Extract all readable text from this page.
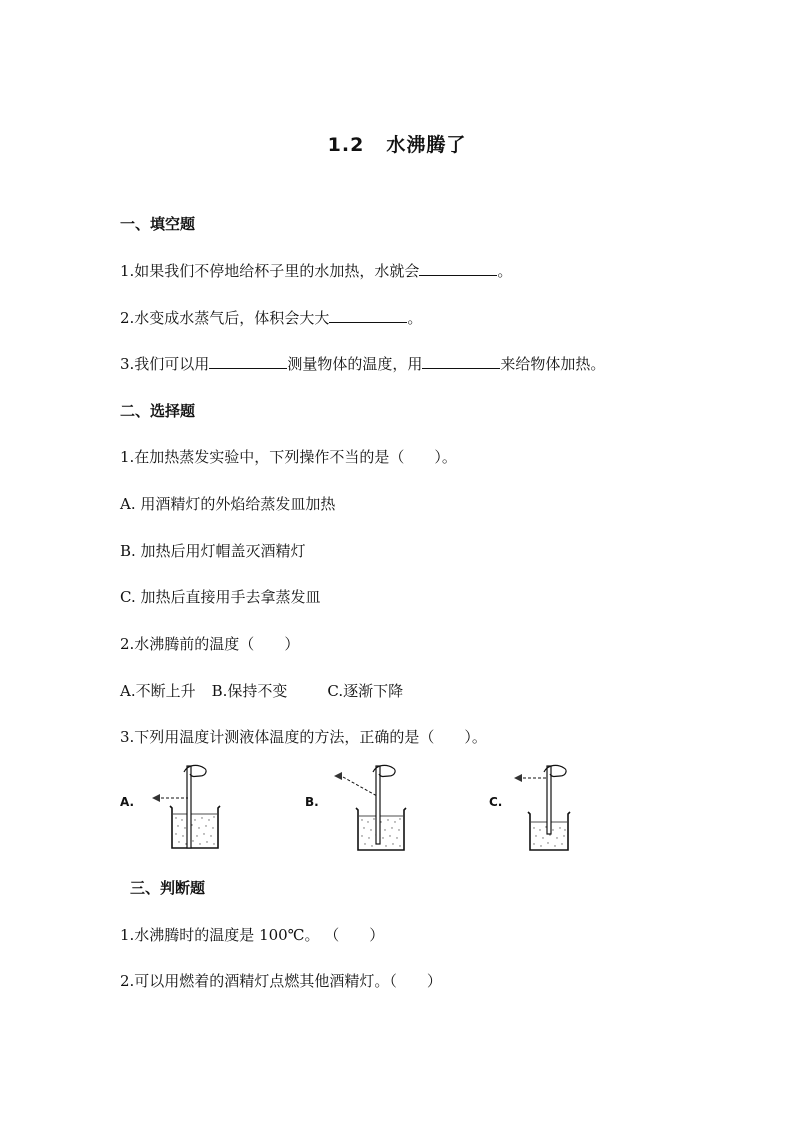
1.2 水沸腾了
一、填空题
1.如果我们不停地给杯子里的水加热，水就会	。
2.水变成水蒸气后，体积会大大	。
3.我们可以用	测量物体的温度，用	来给物体加热。
二、选择题
1.在加热蒸发实验中，下列操作不当的是（　　）。
A. 用酒精灯的外焰给蒸发皿加热
B. 加热后用灯帽盖灭酒精灯
C. 加热后直接用手去拿蒸发皿
2.水沸腾前的温度（　　）
A.不断上升 B.保持不变	C.逐渐下降
3.下列用温度计测液体温度的方法，正确的是（　　）。
A.	B.	C.
三、判断题
1.水沸腾时的温度是 100℃。 （　　）
2.可以用燃着的酒精灯点燃其他酒精灯。（　　）
